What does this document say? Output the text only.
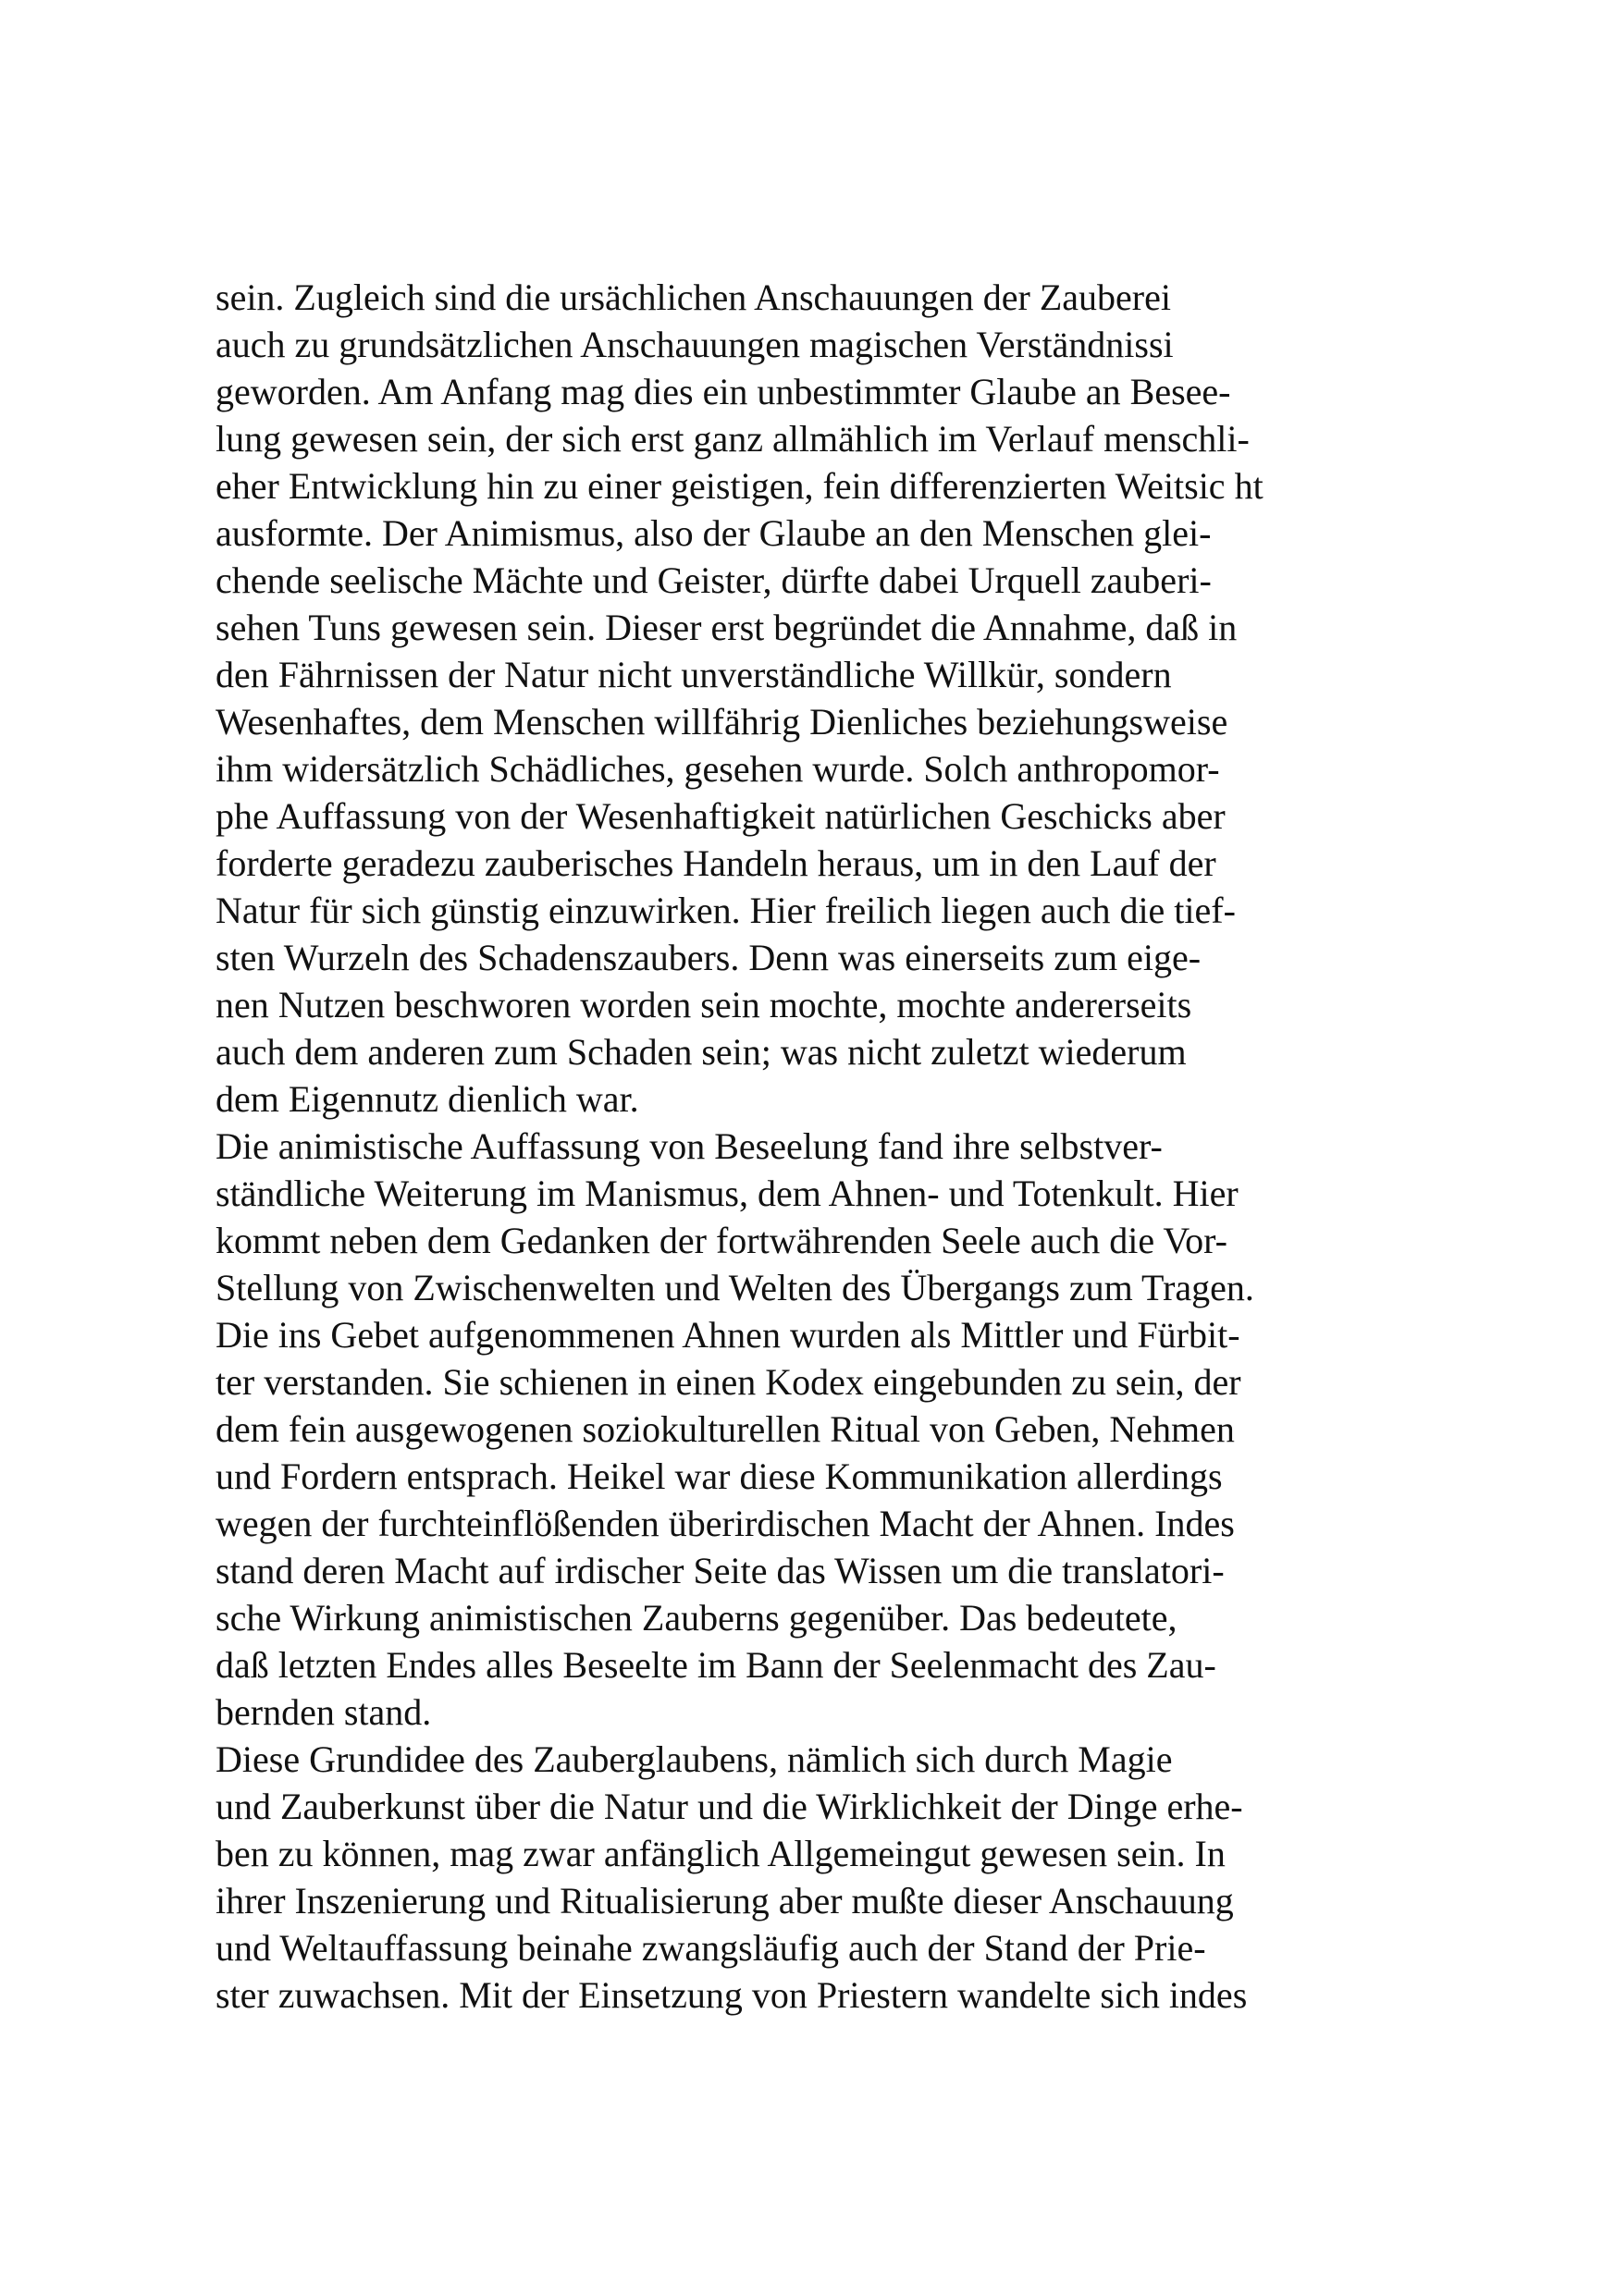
sein. Zugleich sind die ursächlichen Anschauungen der Zauberei
auch zu grundsätzlichen Anschauungen magischen Verständnissi
geworden. Am Anfang mag dies ein unbestimmter Glaube an Besee-
lung gewesen sein, der sich erst ganz allmählich im Verlauf menschli-
eher Entwicklung hin zu einer geistigen, fein differenzierten Weitsic ht
ausformte. Der Animismus, also der Glaube an den Menschen glei-
chende seelische Mächte und Geister, dürfte dabei Urquell zauberi-
sehen Tuns gewesen sein. Dieser erst begründet die Annahme, daß in
den Fährnissen der Natur nicht unverständliche Willkür, sondern
Wesenhaftes, dem Menschen willfährig Dienliches beziehungsweise
ihm widersätzlich Schädliches, gesehen wurde. Solch anthropomor-
phe Auffassung von der Wesenhaftigkeit natürlichen Geschicks aber
forderte geradezu zauberisches Handeln heraus, um in den Lauf der
Natur für sich günstig einzuwirken. Hier freilich liegen auch die tief-
sten Wurzeln des Schadenszaubers. Denn was einerseits zum eige-
nen Nutzen beschworen worden sein mochte, mochte andererseits
auch dem anderen zum Schaden sein; was nicht zuletzt wiederum
dem Eigennutz dienlich war.
Die animistische Auffassung von Beseelung fand ihre selbstver-
ständliche Weiterung im Manismus, dem Ahnen- und Totenkult. Hier
kommt neben dem Gedanken der fortwährenden Seele auch die Vor-
Stellung von Zwischenwelten und Welten des Übergangs zum Tragen.
Die ins Gebet aufgenommenen Ahnen wurden als Mittler und Fürbit-
ter verstanden. Sie schienen in einen Kodex eingebunden zu sein, der
dem fein ausgewogenen soziokulturellen Ritual von Geben, Nehmen
und Fordern entsprach. Heikel war diese Kommunikation allerdings
wegen der furchteinflößenden überirdischen Macht der Ahnen. Indes
stand deren Macht auf irdischer Seite das Wissen um die translatori-
sche Wirkung animistischen Zauberns gegenüber. Das bedeutete,
daß letzten Endes alles Beseelte im Bann der Seelenmacht des Zau-
bernden stand.
Diese Grundidee des Zauberglaubens, nämlich sich durch Magie
und Zauberkunst über die Natur und die Wirklichkeit der Dinge erhe-
ben zu können, mag zwar anfänglich Allgemeingut gewesen sein. In
ihrer Inszenierung und Ritualisierung aber mußte dieser Anschauung
und Weltauffassung beinahe zwangsläufig auch der Stand der Prie-
ster zuwachsen. Mit der Einsetzung von Priestern wandelte sich indes
